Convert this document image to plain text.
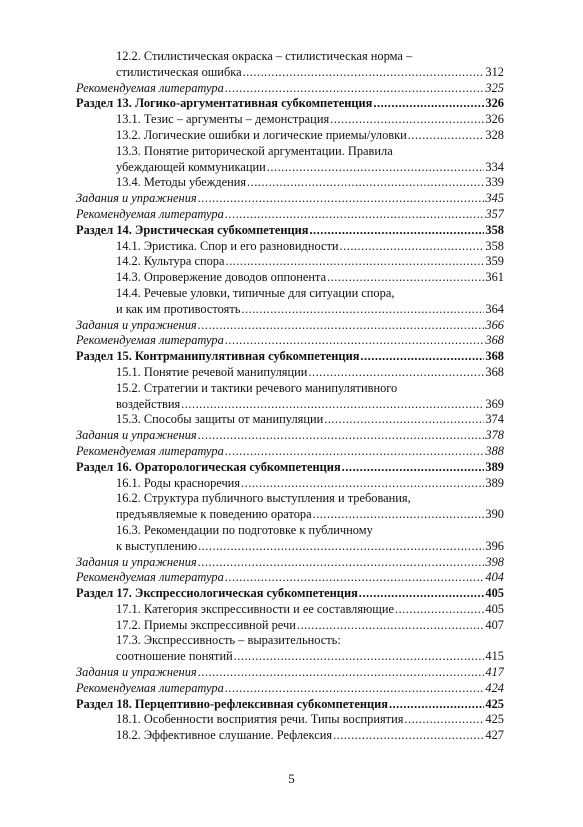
12.2. Стилистическая окраска – стилистическая норма –
стилистическая ошибка .....	312
Рекомендуемая литература .....	325
Раздел 13. Логико-аргументативная субкомпетенция .....	326
13.1. Тезис – аргументы – демонстрация .....	326
13.2. Логические ошибки и логические приемы/уловки .....	328
13.3. Понятие риторической аргументации. Правила
убеждающей коммуникации .....	334
13.4. Методы убеждения .....	339
Задания и упражнения .....	345
Рекомендуемая литература .....	357
Раздел 14. Эристическая субкомпетенция .....	358
14.1. Эристика. Спор и его разновидности .....	358
14.2. Культура спора .....	359
14.3. Опровержение доводов оппонента .....	361
14.4. Речевые уловки, типичные для ситуации спора,
и как им противостоять .....	364
Задания и упражнения .....	366
Рекомендуемая литература .....	368
Раздел 15. Контрманипулятивная субкомпетенция .....	368
15.1. Понятие речевой манипуляции .....	368
15.2. Стратегии и тактики речевого манипулятивного
воздействия .....	369
15.3. Способы защиты от манипуляции .....	374
Задания и упражнения .....	378
Рекомендуемая литература .....	388
Раздел 16. Ораторологическая субкомпетенция .....	389
16.1. Роды красноречия .....	389
16.2. Структура публичного выступления и требования,
предъявляемые к поведению оратора .....	390
16.3. Рекомендации по подготовке к публичному
к выступлению .....	396
Задания и упражнения .....	398
Рекомендуемая литература .....	404
Раздел 17. Экспрессиологическая субкомпетенция .....	405
17.1. Категория экспрессивности и ее составляющие .....	405
17.2. Приемы экспрессивной речи .....	407
17.3. Экспрессивность – выразительность:
соотношение понятий .....	415
Задания и упражнения .....	417
Рекомендуемая литература .....	424
Раздел 18. Перцептивно-рефлексивная субкомпетенция .....	425
18.1. Особенности восприятия речи. Типы восприятия .....	425
18.2. Эффективное слушание. Рефлексия .....	427
5
